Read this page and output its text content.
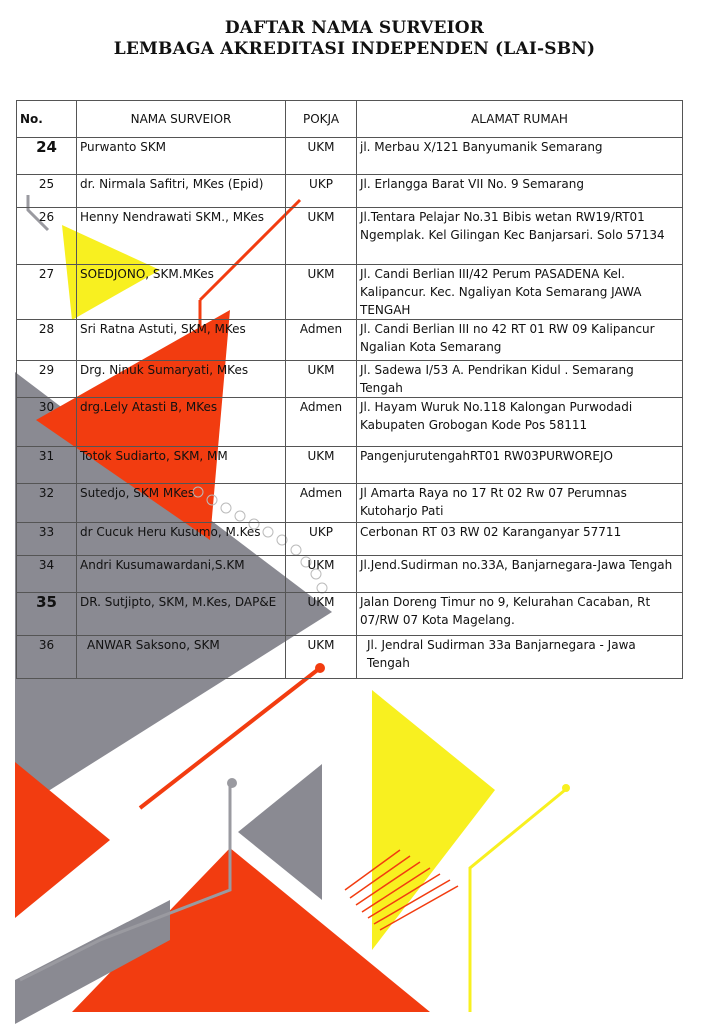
DAFTAR NAMA SURVEIOR
LEMBAGA AKREDITASI INDEPENDEN (LAI-SBN)
No.	NAMA SURVEIOR	POKJA	ALAMAT RUMAH
24	Purwanto SKM	UKM	jl. Merbau X/121 Banyumanik Semarang
25	dr. Nirmala Safitri, MKes (Epid)	UKP	Jl. Erlangga Barat VII No. 9 Semarang
26	Henny Nendrawati SKM., MKes	UKM	Jl.Tentara Pelajar No.31 Bibis wetan RW19/RT01 Ngemplak. Kel Gilingan Kec Banjarsari. Solo 57134
27	SOEDJONO, SKM.MKes	UKM	Jl. Candi Berlian III/42 Perum PASADENA Kel. Kalipancur. Kec. Ngaliyan Kota Semarang JAWA TENGAH
28	Sri Ratna Astuti, SKM, MKes	Admen	Jl. Candi Berlian III no 42 RT 01 RW 09 Kalipancur Ngalian Kota Semarang
29	Drg. Ninuk Sumaryati, MKes	UKM	Jl. Sadewa I/53 A. Pendrikan Kidul . Semarang Tengah
30	drg.Lely Atasti B, MKes	Admen	Jl. Hayam Wuruk No.118 Kalongan Purwodadi Kabupaten Grobogan Kode Pos 58111
31	Totok Sudiarto, SKM, MM	UKM	PangenjurutengahRT01 RW03PURWOREJO
32	Sutedjo, SKM MKes	Admen	Jl Amarta Raya no 17 Rt 02 Rw 07 Perumnas Kutoharjo Pati
33	dr Cucuk Heru Kusumo, M.Kes	UKP	Cerbonan RT 03 RW 02 Karanganyar 57711
34	Andri Kusumawardani,S.KM	UKM	Jl.Jend.Sudirman no.33A, Banjarnegara-Jawa Tengah
35	DR. Sutjipto, SKM, M.Kes, DAP&E	UKM	Jalan Doreng Timur no 9, Kelurahan Cacaban, Rt 07/RW 07 Kota Magelang.
36	ANWAR Saksono, SKM	UKM	Jl. Jendral Sudirman 33a Banjarnegara - Jawa Tengah
